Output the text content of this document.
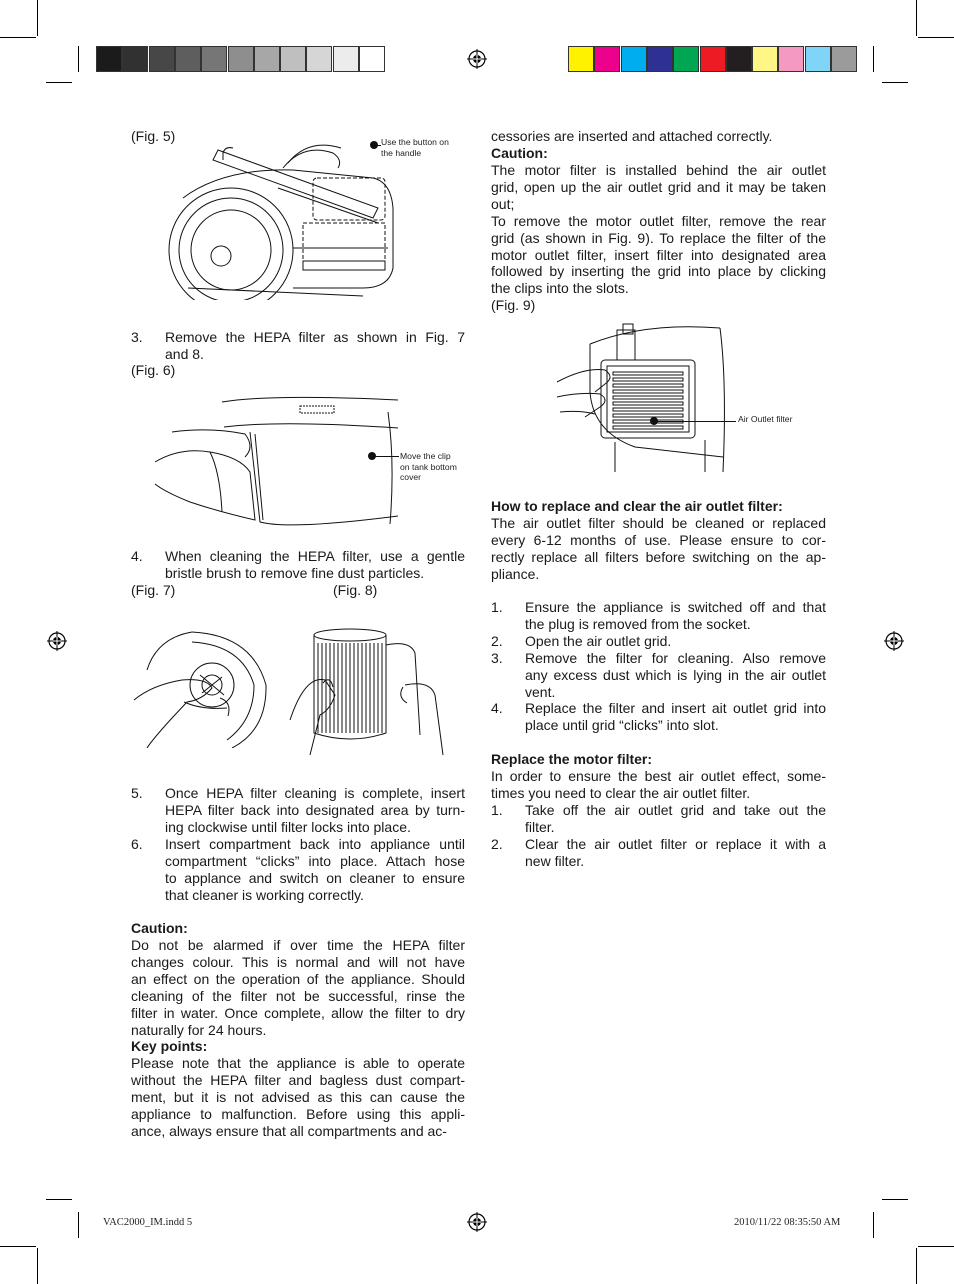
(Fig. 5)	Use the button on
the handle
3. Remove the HEPA filter as shown in Fig. 7
and 8.
(Fig. 6)
Move the clip
on tank bottom
cover
4. When cleaning the HEPA filter, use a gentle
bristle brush to remove fine dust particles.
(Fig. 7)	(Fig. 8)
5. Once HEPA filter cleaning is complete, insert
HEPA filter back into designated area by turn-
ing clockwise until filter locks into place.
6. Insert compartment back into appliance until
compartment “clicks” into place. Attach hose
to applance and switch on cleaner to ensure
that cleaner is working correctly.
Caution:
Do not be alarmed if over time the HEPA filter
changes colour. This is normal and will not have
an effect on the operation of the appliance. Should
cleaning of the filter not be successful, rinse the
filter in water. Once complete, allow the filter to dry
naturally for 24 hours.
Key points:
Please note that the appliance is able to operate
without the HEPA filter and bagless dust compart-
ment, but it is not advised as this can cause the
appliance to malfunction. Before using this appli-
ance, always ensure that all compartments and ac-
cessories are inserted and attached correctly.
Caution:
The motor filter is installed behind the air outlet
grid, open up the air outlet grid and it may be taken
out;
To remove the motor outlet filter, remove the rear
grid (as shown in Fig. 9). To replace the filter of the
motor outlet filter, insert filter into designated area
followed by inserting the grid into place by clicking
the clips into the slots.
(Fig. 9)
Air Outlet filter
How to replace and clear the air outlet filter:
The air outlet filter should be cleaned or replaced
every 6-12 months of use. Please ensure to cor-
rectly replace all filters before switching on the ap-
pliance.
1. Ensure the appliance is switched off and that
the plug is removed from the socket.
2. Open the air outlet grid.
3. Remove the filter for cleaning. Also remove
any excess dust which is lying in the air outlet
vent.
4. Replace the filter and insert ait outlet grid into
place until grid “clicks” into slot.
Replace the motor filter:
In order to ensure the best air outlet effect, some-
times you need to clear the air outlet filter.
1. Take off the air outlet grid and take out the
filter.
2. Clear the air outlet filter or replace it with a
new filter.
VAC2000_IM.indd 5	2010/11/22 08:35:50 AM
